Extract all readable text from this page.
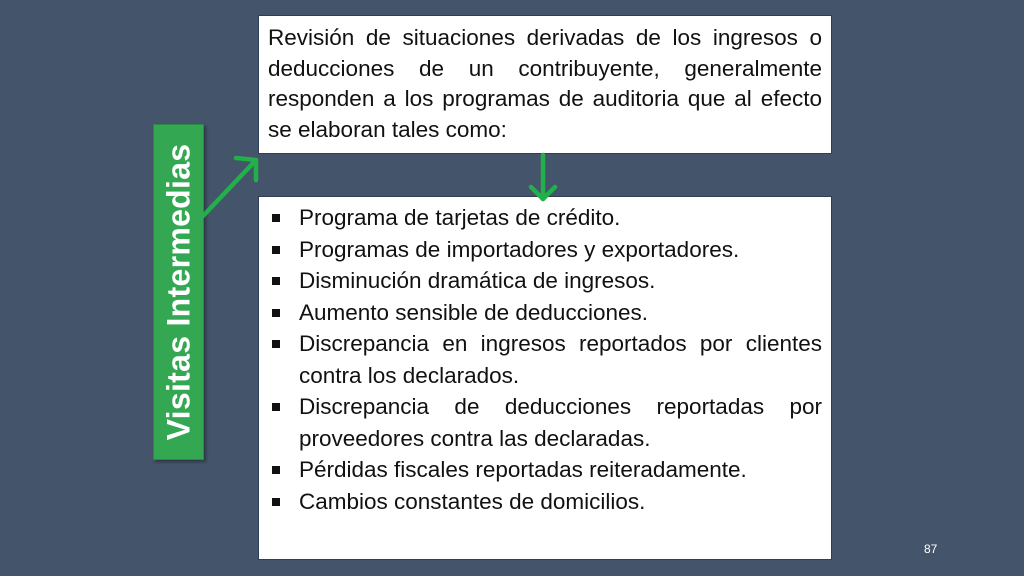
Visitas Intermedias

Revisión de situaciones derivadas de los ingresos o deducciones de un contribuyente, generalmente responden a los programas de auditoria que al efecto se elaboran tales como:

Programa de tarjetas de crédito.
Programas de importadores y exportadores.
Disminución dramática de ingresos.
Aumento sensible de deducciones.
Discrepancia en ingresos reportados por clientes contra los declarados.
Discrepancia de deducciones reportadas por proveedores contra las declaradas.
Pérdidas fiscales reportadas reiteradamente.
Cambios constantes de domicilios.
87
